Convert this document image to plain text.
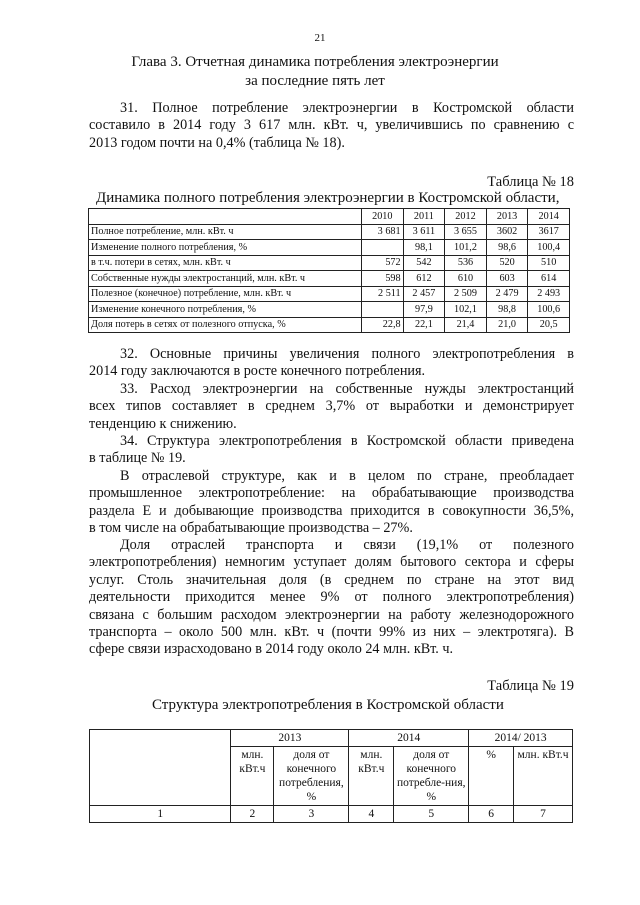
21
Глава 3. Отчетная динамика потребления электроэнергии
за последние пять лет
31. Полное потребление электроэнергии в Костромской области
составило в 2014 году 3 617 млн. кВт. ч, увеличившись по сравнению с
2013 годом почти на 0,4% (таблица № 18).
Таблица № 18
Динамика полного потребления электроэнергии в Костромской области,
	2010	2011	2012	2013	2014
Полное потребление, млн. кВт. ч	3 681	3 611	3 655	3602	3617
Изменение полного потребления, %		98,1	101,2	98,6	100,4
в т.ч. потери в сетях, млн. кВт. ч	572	542	536	520	510
Собственные нужды электростанций, млн. кВт. ч	598	612	610	603	614
Полезное (конечное) потребление, млн. кВт. ч	2 511	2 457	2 509	2 479	2 493
Изменение конечного потребления, %		97,9	102,1	98,8	100,6
Доля потерь в сетях от полезного отпуска, %	22,8	22,1	21,4	21,0	20,5
32. Основные причины увеличения полного электропотребления в
2014 году заключаются в росте конечного потребления.
33. Расход электроэнергии на собственные нужды электростанций
всех типов составляет в среднем 3,7% от выработки и демонстрирует
тенденцию к снижению.
34. Структура электропотребления в Костромской области приведена
в таблице № 19.
В отраслевой структуре, как и в целом по стране, преобладает
промышленное электропотребление: на обрабатывающие производства
раздела Е и добывающие производства приходится в совокупности 36,5%,
в том числе на обрабатывающие производства – 27%.
Доля отраслей транспорта и связи (19,1% от полезного
электропотребления) немногим уступает долям бытового сектора и сферы
услуг. Столь значительная доля (в среднем по стране на этот вид
деятельности приходится менее 9% от полного электропотребления)
связана с большим расходом электроэнергии на работу железнодорожного
транспорта – около 500 млн. кВт. ч (почти 99% из них – электротяга). В
сфере связи израсходовано в 2014 году около 24 млн. кВт. ч.
Таблица № 19
Структура электропотребления в Костромской области
	2013		2014		2014/ 2013	
	млн. кВт.ч	доля от конечного потребления, %	млн. кВт.ч	доля от конечного потребле-ния, %	%	млн. кВт.ч
1	2	3	4	5	6	7
